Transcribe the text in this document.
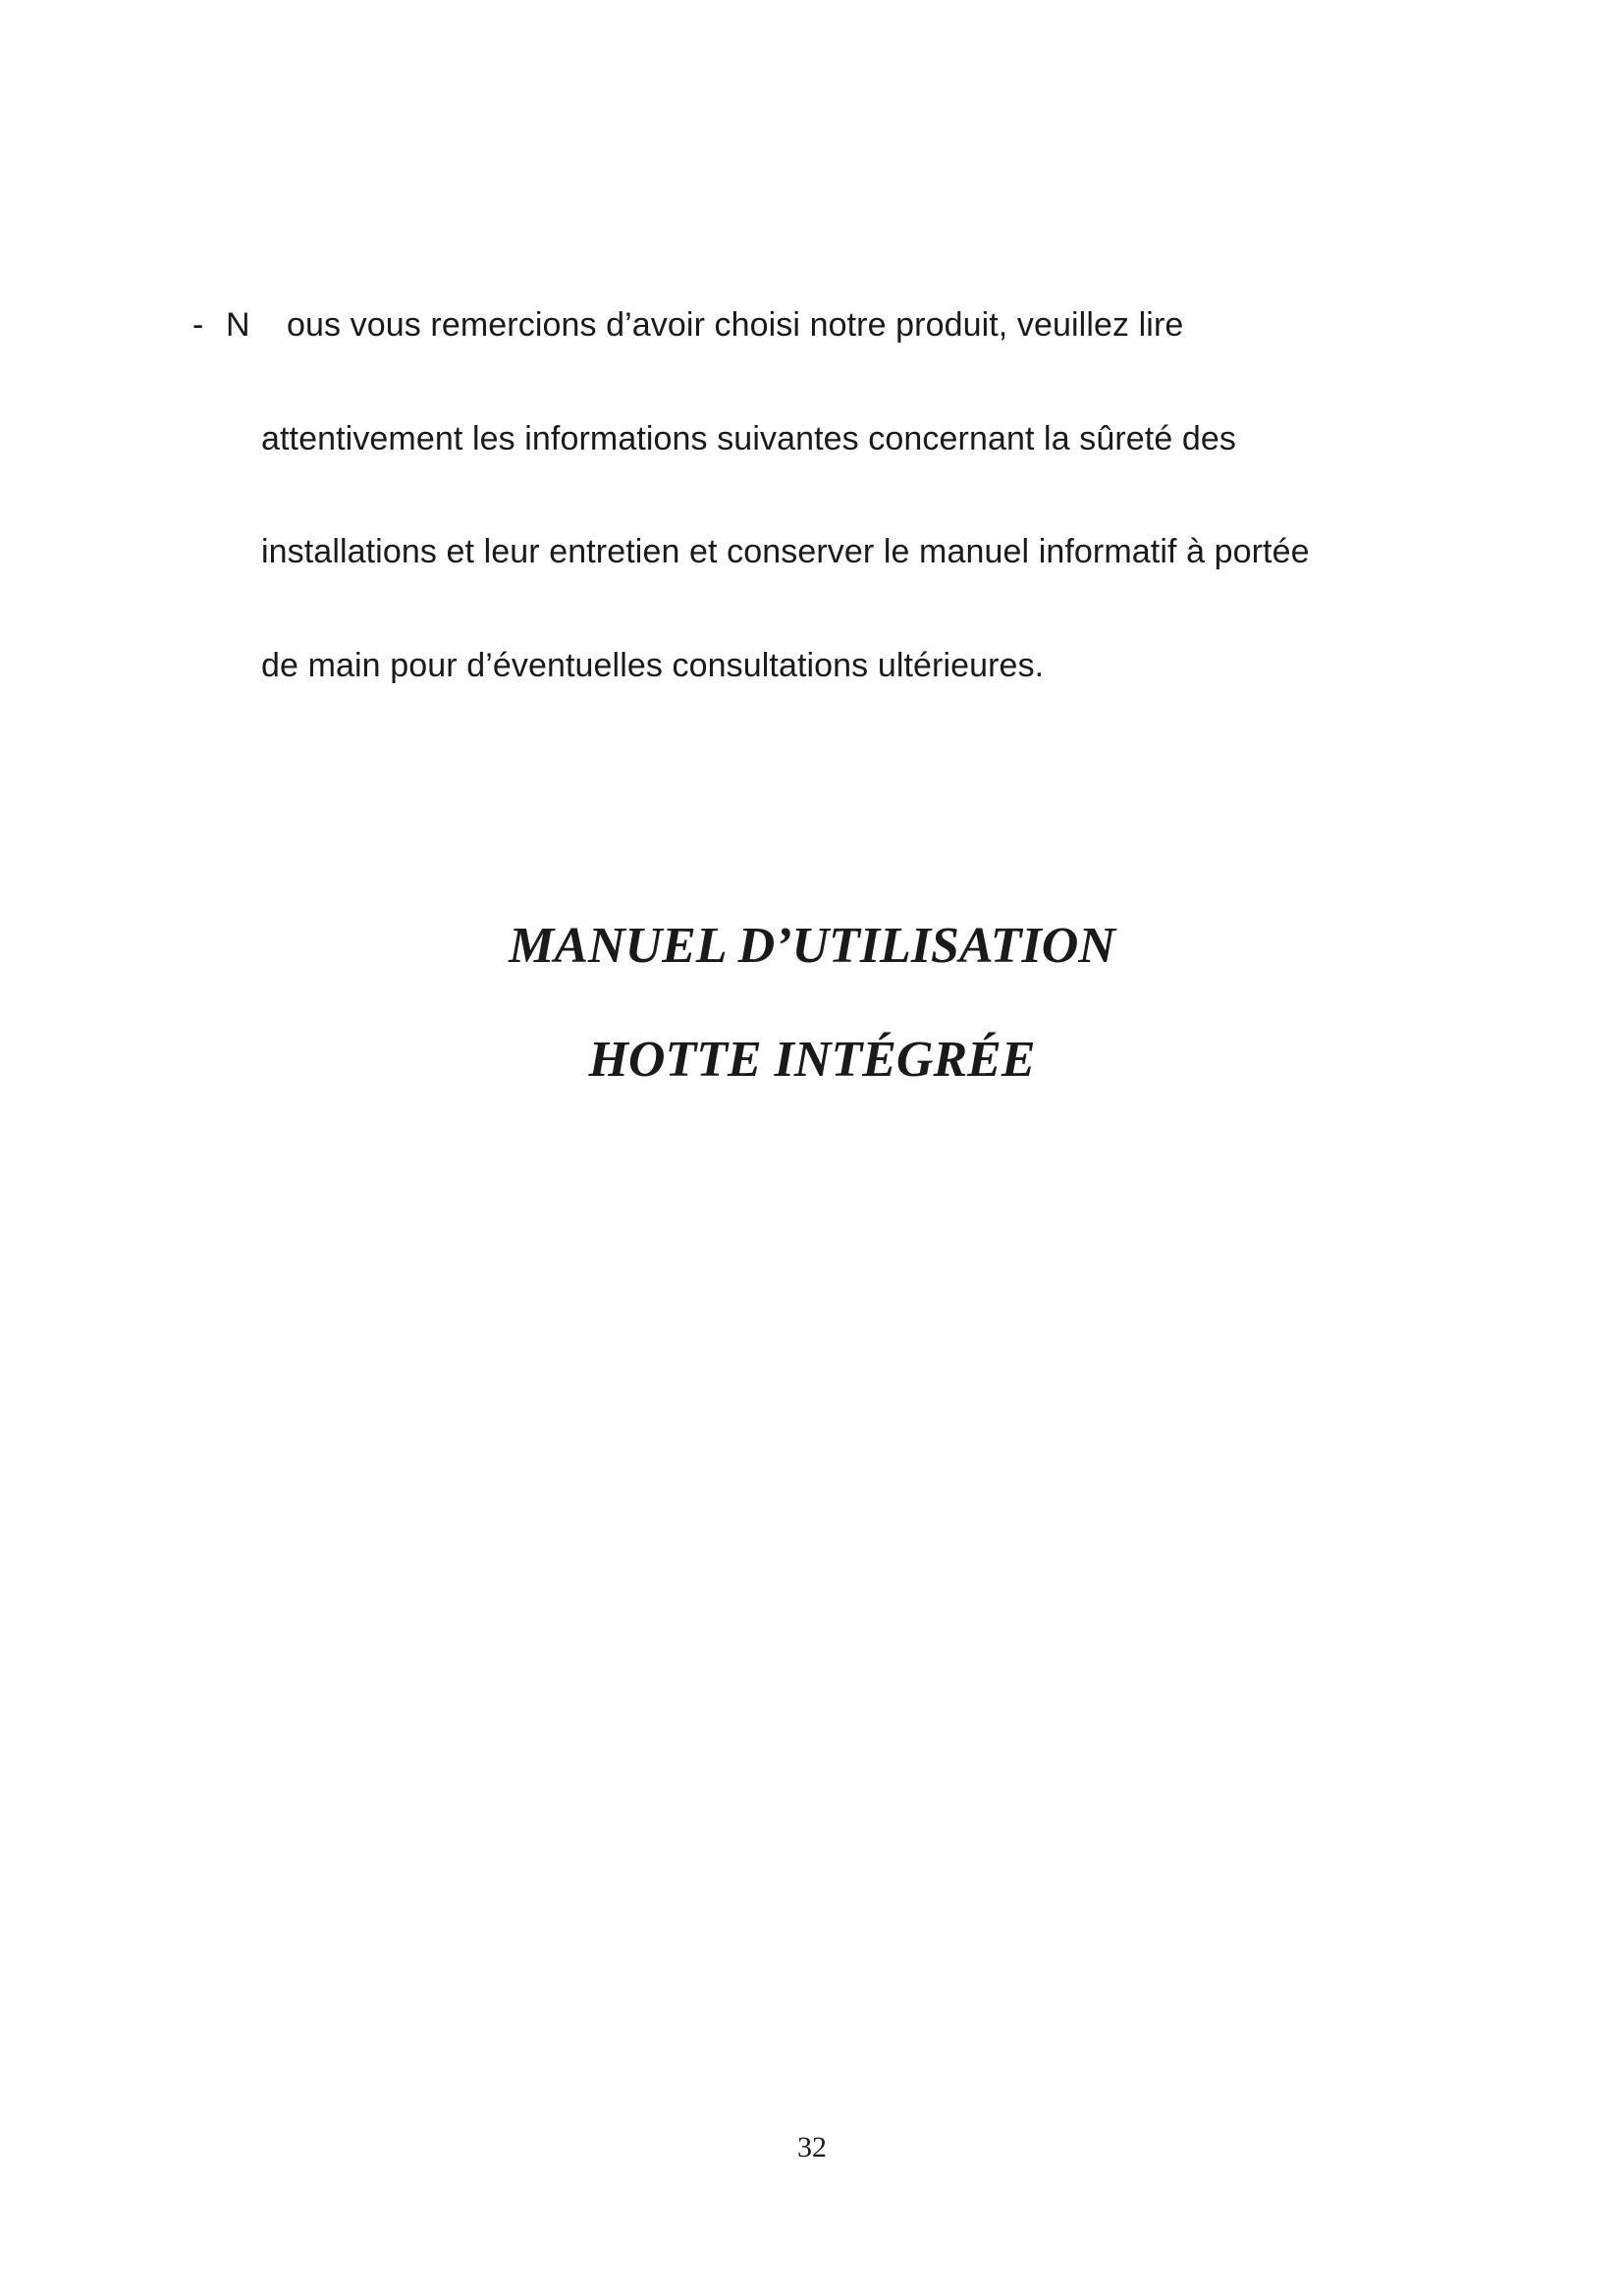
- N ous vous remercions d’avoir choisi notre produit, veuillez lire
attentivement les informations suivantes concernant la sûreté des
installations et leur entretien et conserver le manuel informatif à portée
de main pour d’éventuelles consultations ultérieures.
MANUEL D’UTILISATION
HOTTE INTÉGRÉE
32
